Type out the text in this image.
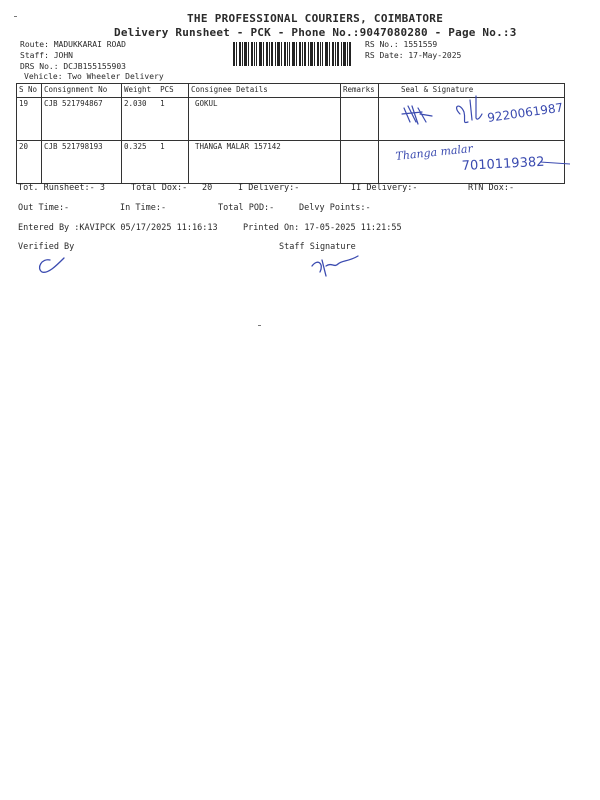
THE PROFESSIONAL COURIERS, COIMBATORE
Delivery Runsheet - PCK - Phone No.:9047080280 - Page No.:3
Route: MADUKKARAI ROAD
Staff: JOHN
DRS No.: DCJB155155903
Vehicle: Two Wheeler Delivery
RS No.: 1551559
RS Date: 17-May-2025
S No	Consignment No	Weight PCS	Consignee Details	Remarks	Seal & Signature
19	CJB 521794867	2.030 1	GOKUL		
20	CJB 521798193	0.325 1	THANGA MALAR 157142		
9220061987
Thanga malar
7010119382
Tot. Runsheet:- 3	Total Dox:- 20	I Delivery:-	II Delivery:-	RTN Dox:-
Out Time:-	In Time:-	Total POD:-	Delvy Points:-
Entered By :KAVIPCK 05/17/2025 11:16:13	Printed On: 17-05-2025 11:21:55
Verified By	Staff Signature
